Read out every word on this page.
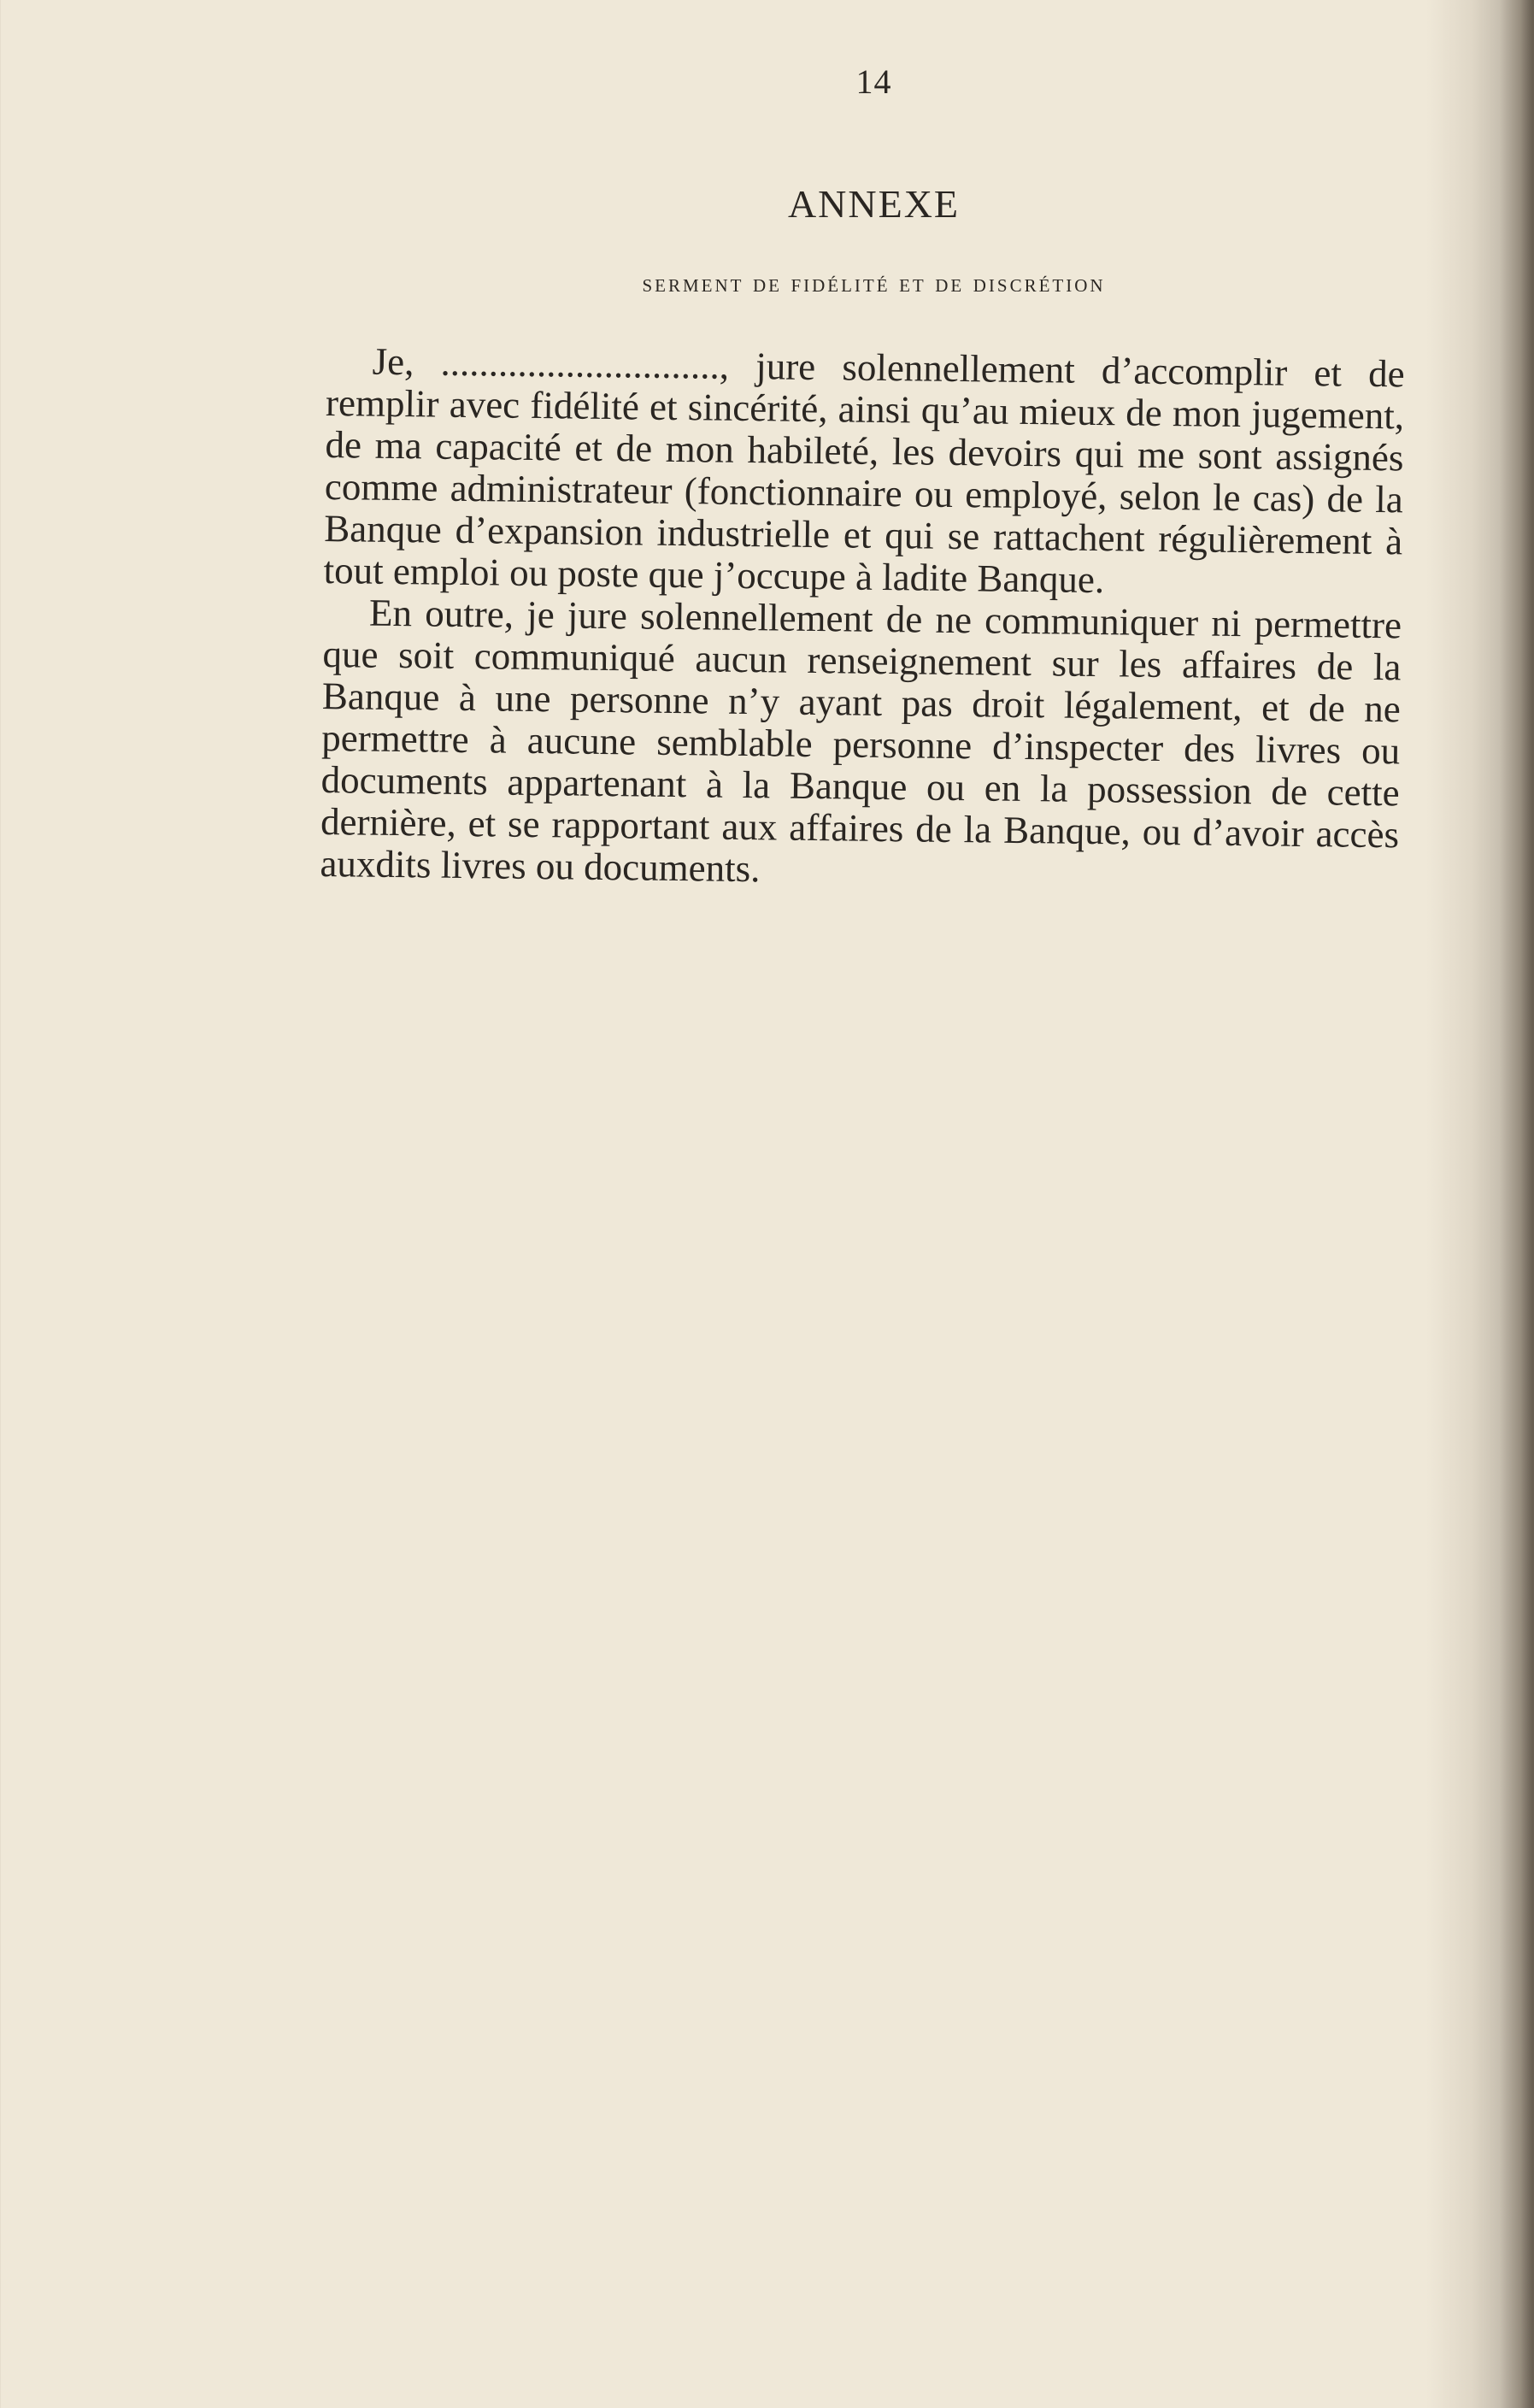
14
ANNEXE
serment de fidélité et de discrétion

Je, ............................., jure solennellement d’accomplir et de remplir avec fidélité et sincérité, ainsi qu’au mieux de mon jugement, de ma capacité et de mon habileté, les devoirs qui me sont assignés comme administrateur (fonctionnaire ou employé, selon le cas) de la Banque d’expansion industrielle et qui se rattachent régulièrement à tout emploi ou poste que j’occupe à ladite Banque.

En outre, je jure solennellement de ne communiquer ni permettre que soit communiqué aucun renseignement sur les affaires de la Banque à une personne n’y ayant pas droit légalement, et de ne permettre à aucune semblable personne d’inspecter des livres ou documents appartenant à la Banque ou en la possession de cette dernière, et se rapportant aux affaires de la Banque, ou d’avoir accès auxdits livres ou documents.
